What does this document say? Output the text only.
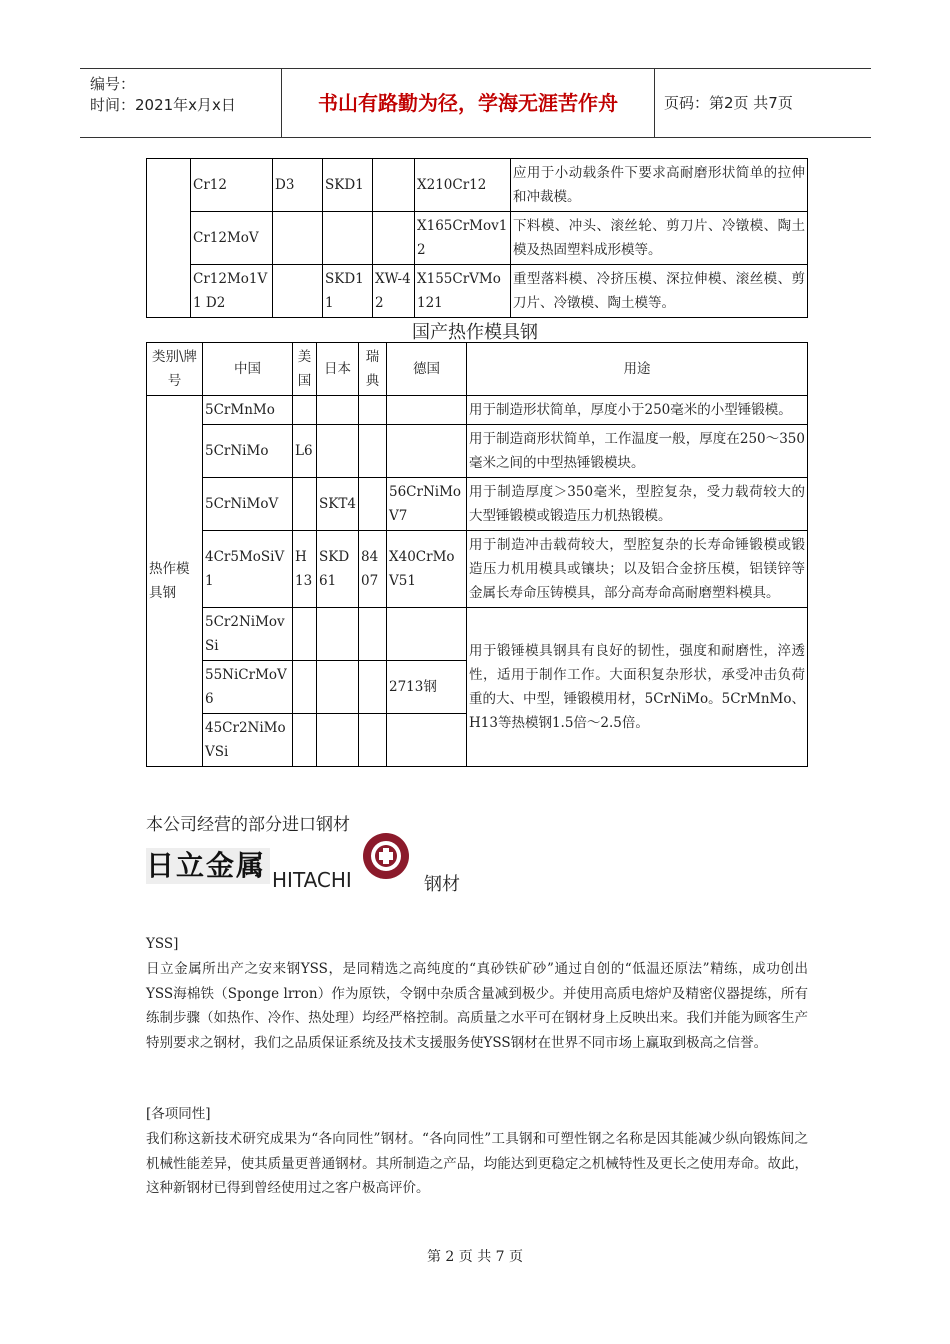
编号：
时间：2021年x月x日	书山有路勤为径，学海无涯苦作舟	页码：第2页 共7页
	Cr12	D3	SKD1		X210Cr12	应用于小动载条件下要求高耐磨形状简单的拉伸和冲裁模。
	Cr12MoV				X165CrMov12	下料模、冲头、滚丝轮、剪刀片、冷镦模、陶土模及热固塑料成形模等。
	Cr12Mo1V1 D2		SKD11	XW-42	X155CrVMo121	重型落料模、冷挤压模、深拉伸模、滚丝模、剪刀片、冷镦模、陶土模等。
国产热作模具钢
类别\牌号	中国	美国	日本	瑞典	德国	用途
热作模具钢	5CrMnMo					用于制造形状简单，厚度小于250毫米的小型锤锻模。
	5CrNiMo	L6				用于制造商形状简单，工作温度一般，厚度在250～350毫米之间的中型热锤锻模块。
	5CrNiMoV		SKT4		56CrNiMoV7	用于制造厚度＞350毫米，型腔复杂，受力载荷较大的大型锤锻模或锻造压力机热锻模。
	4Cr5MoSiV1	H13	SKD61	8407	X40CrMoV51	用于制造冲击载荷较大，型腔复杂的长寿命锤锻模或锻造压力机用模具或镶块；以及铝合金挤压模，铝镁锌等金属长寿命压铸模具，部分高寿命高耐磨塑料模具。
	5Cr2NiMovSi					用于锻锤模具钢具有良好的韧性，强度和耐磨性，淬透性，适用于制作工作。大面积复杂形状，承受冲击负荷重的大、中型，锤锻模用材，5CrNiMo。5CrMnMo、H13等热模钢1.5倍～2.5倍。
	55NiCrMoV6				2713钢	
	45Cr2NiMoVSi					
本公司经营的部分进口钢材
日立金属 HITACHI	钢材
YSS]
日立金属所出产之安来钢YSS，是同精选之高纯度的“真砂铁矿砂”通过自创的“低温还原法”精练，成功创出YSS海棉铁（Sponge lrron）作为原铁，令钢中杂质含量减到极少。并使用高质电熔炉及精密仪器提练，所有练制步骤（如热作、冷作、热处理）均经严格控制。高质量之水平可在钢材身上反映出来。我们并能为顾客生产特别要求之钢材，我们之品质保证系统及技术支援服务使YSS钢材在世界不同市场上赢取到极高之信誉。
[各项同性]
我们称这新技术研究成果为“各向同性”钢材。“各向同性”工具钢和可塑性钢之名称是因其能减少纵向锻炼间之机械性能差异，使其质量更普通钢材。其所制造之产品，均能达到更稳定之机械特性及更长之使用寿命。故此，这种新钢材已得到曾经使用过之客户极高评价。
第 2 页 共 7 页
